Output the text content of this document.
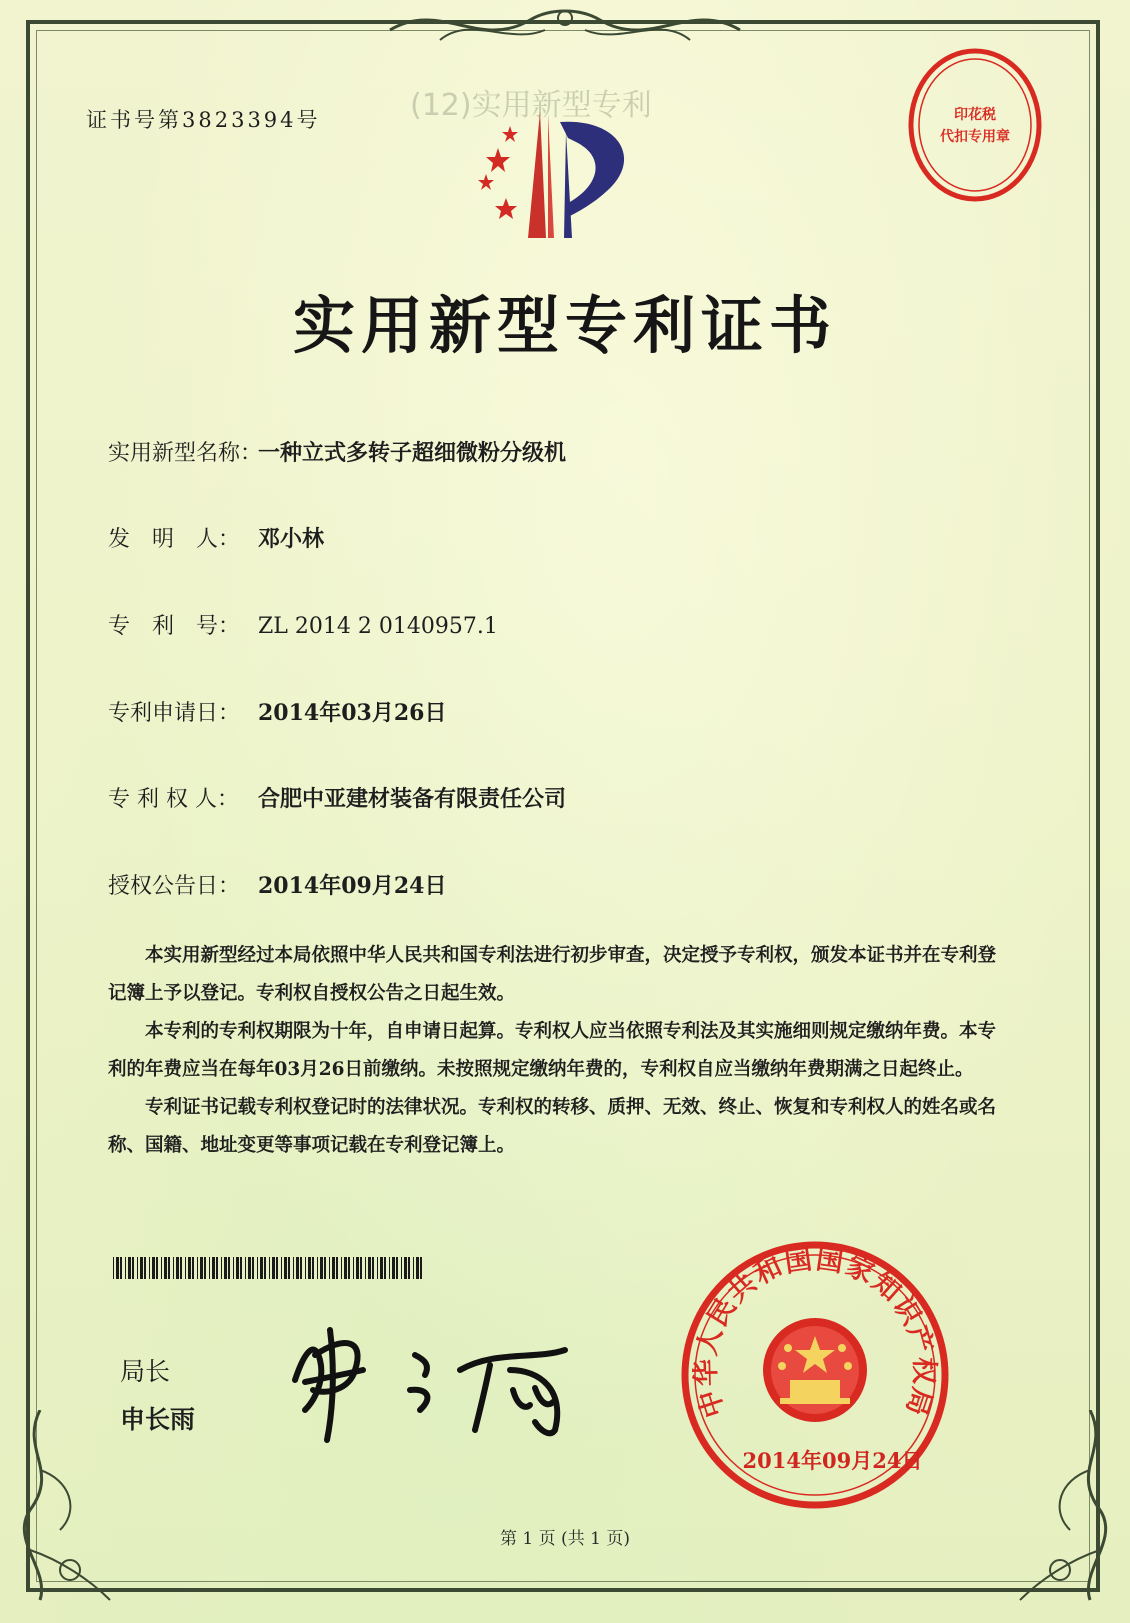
(12)实用新型专利
证书号第3823394号	印花税
代扣专用章
实用新型专利证书
实用新型名称：一种立式多转子超细微粉分级机
发　明　人： 邓小林
专　利　号： ZL 2014 2 0140957.1
专利申请日： 2014年03月26日
专 利 权 人： 合肥中亚建材装备有限责任公司
授权公告日： 2014年09月24日

本实用新型经过本局依照中华人民共和国专利法进行初步审查，决定授予专利权，颁发本证书并在专利登记簿上予以登记。专利权自授权公告之日起生效。

本专利的专利权期限为十年，自申请日起算。专利权人应当依照专利法及其实施细则规定缴纳年费。本专利的年费应当在每年03月26日前缴纳。未按照规定缴纳年费的，专利权自应当缴纳年费期满之日起终止。

专利证书记载专利权登记时的法律状况。专利权的转移、质押、无效、终止、恢复和专利权人的姓名或名称、国籍、地址变更等事项记载在专利登记簿上。

局长
申长雨	中华人民共和国国家知识产权局
2014年09月24日
第 1 页 (共 1 页)
